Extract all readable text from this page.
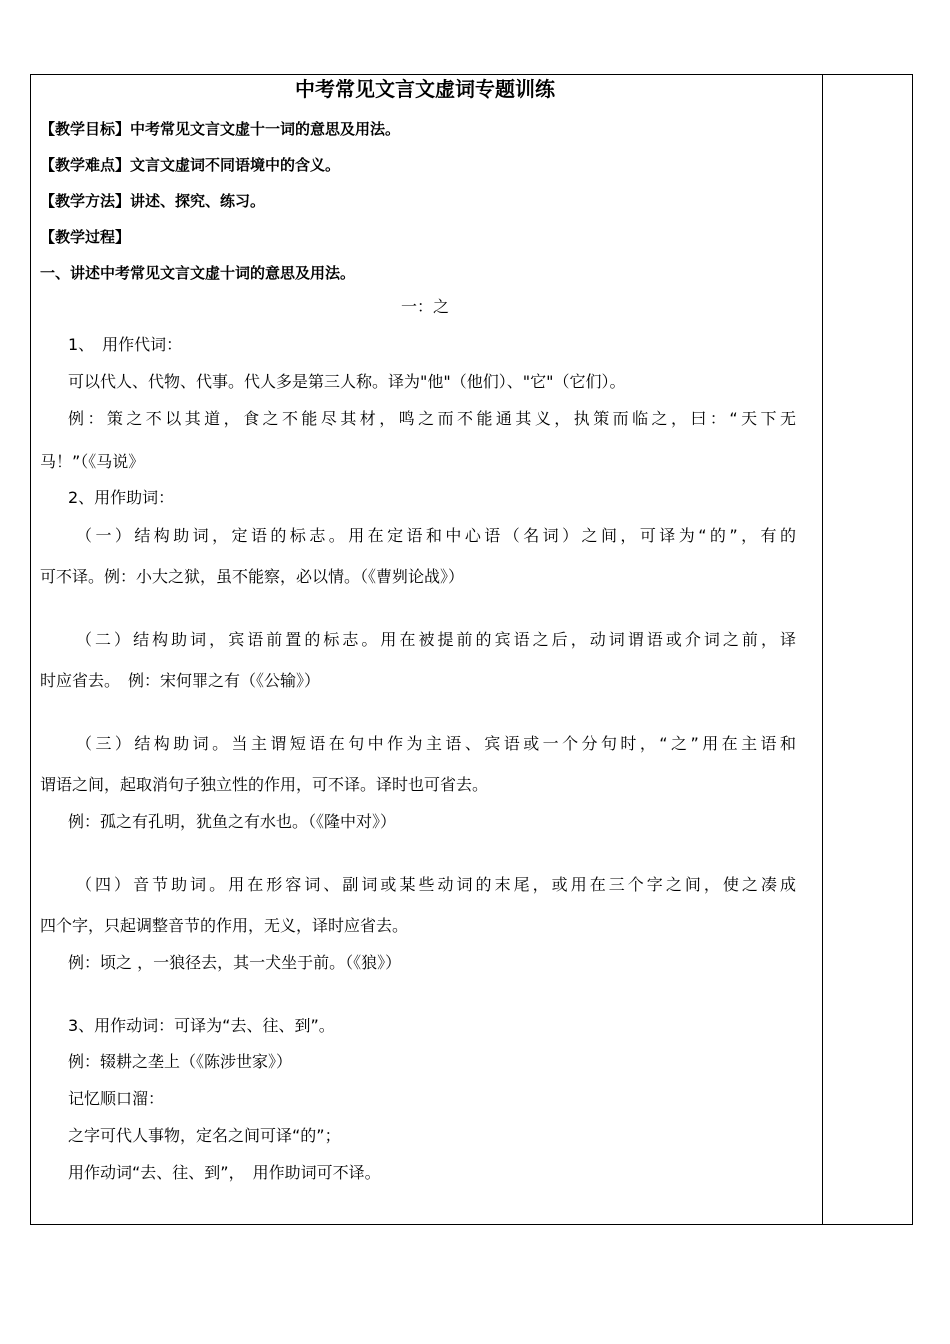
中考常见文言文虚词专题训练
【教学目标】中考常见文言文虚十一词的意思及用法。
【教学难点】文言文虚词不同语境中的含义。
【教学方法】讲述、探究、练习。
【教学过程】
一、讲述中考常见文言文虚十词的意思及用法。
一：之
1、　用作代词：
可以代人、代物、代事。代人多是第三人称。译为"他"（他们）、"它"（它们）。
例：策之不以其道，食之不能尽其材，鸣之而不能通其义，执策而临之，曰：“天下无
马！”（《马说》
2、用作助词：
（一）结构助词，定语的标志。用在定语和中心语（名词）之间，可译为“的”，有的
可不译。例：小大之狱，虽不能察，必以情。（《曹刿论战》）
（二）结构助词，宾语前置的标志。用在被提前的宾语之后，动词谓语或介词之前，译
时应省去。　例：宋何罪之有（《公输》）
（三）结构助词。当主谓短语在句中作为主语、宾语或一个分句时，“之”用在主语和
谓语之间，起取消句子独立性的作用，可不译。译时也可省去。
例：孤之有孔明，犹鱼之有水也。（《隆中对》）
（四）音节助词。用在形容词、副词或某些动词的末尾，或用在三个字之间，使之凑成
四个字，只起调整音节的作用，无义，译时应省去。
例：顷之 ，一狼径去，其一犬坐于前。（《狼》）
3、用作动词：可译为“去、往、到”。
例：辍耕之垄上（《陈涉世家》）
记忆顺口溜：
之字可代人事物，定名之间可译“的”；
用作动词“去、往、到”，　用作助词可不译。
